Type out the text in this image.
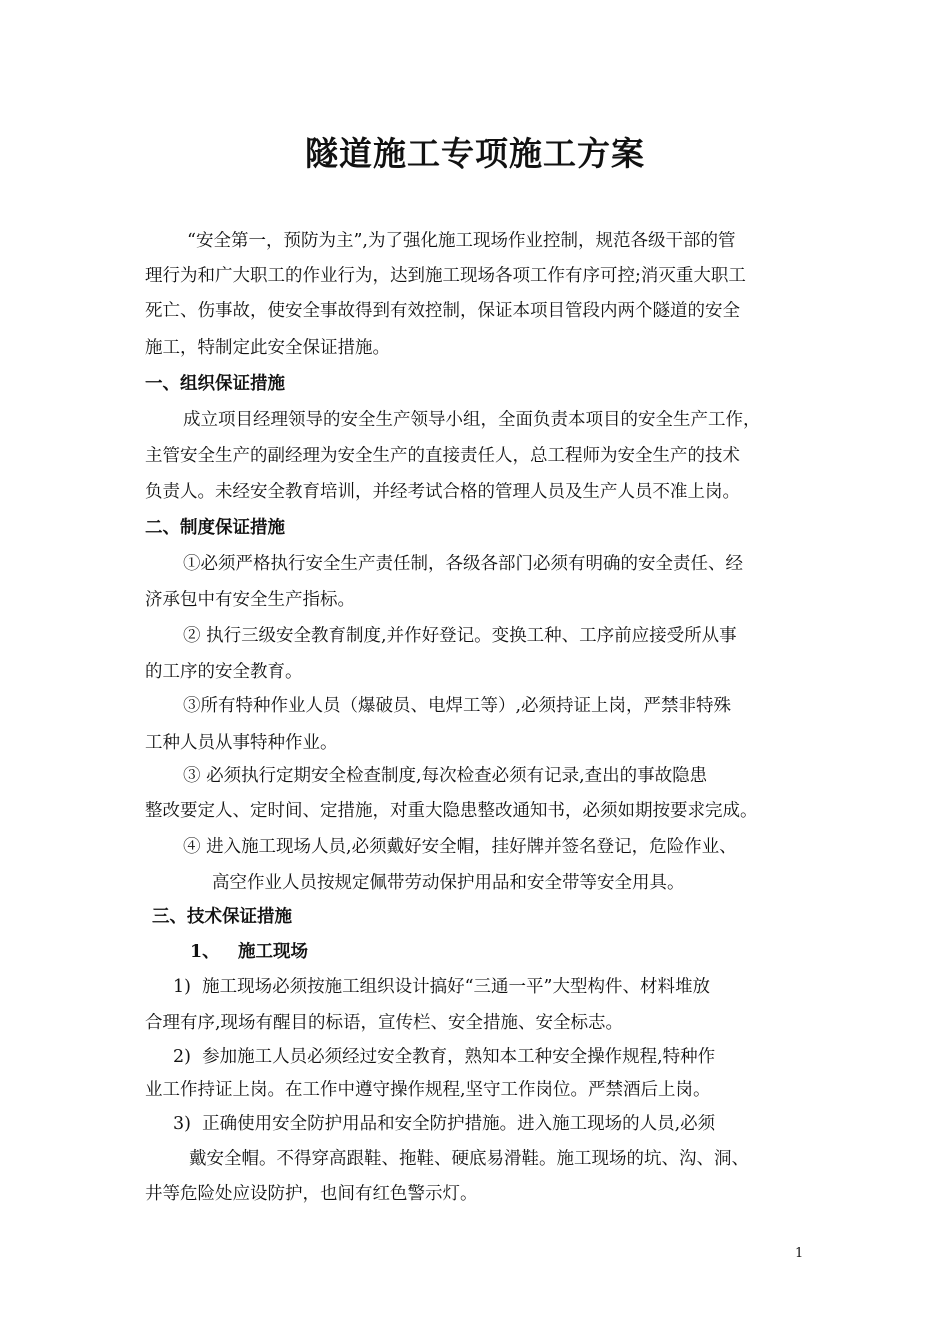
隧道施工专项施工方案

“安全第一，预防为主”,为了强化施工现场作业控制，规范各级干部的管

理行为和广大职工的作业行为，达到施工现场各项工作有序可控;消灭重大职工

死亡、伤事故，使安全事故得到有效控制，保证本项目管段内两个隧道的安全

施工，特制定此安全保证措施。

一、组织保证措施

成立项目经理领导的安全生产领导小组，全面负责本项目的安全生产工作，

主管安全生产的副经理为安全生产的直接责任人，总工程师为安全生产的技术

负责人。未经安全教育培训，并经考试合格的管理人员及生产人员不准上岗。

二、制度保证措施

①必须严格执行安全生产责任制，各级各部门必须有明确的安全责任、经

济承包中有安全生产指标。

② 执行三级安全教育制度,并作好登记。变换工种、工序前应接受所从事

的工序的安全教育。

③所有特种作业人员（爆破员、电焊工等）,必须持证上岗，严禁非特殊

工种人员从事特种作业。

③ 必须执行定期安全检查制度,每次检查必须有记录,查出的事故隐患

整改要定人、定时间、定措施，对重大隐患整改通知书，必须如期按要求完成。

④ 进入施工现场人员,必须戴好安全帽，挂好牌并签名登记，危险作业、

高空作业人员按规定佩带劳动保护用品和安全带等安全用具。

三、技术保证措施

1、   施工现场

1)  施工现场必须按施工组织设计搞好“三通一平”大型构件、材料堆放

合理有序,现场有醒目的标语，宣传栏、安全措施、安全标志。

2)  参加施工人员必须经过安全教育，熟知本工种安全操作规程,特种作

业工作持证上岗。在工作中遵守操作规程,坚守工作岗位。严禁酒后上岗。

3)  正确使用安全防护用品和安全防护措施。进入施工现场的人员,必须

戴安全帽。不得穿高跟鞋、拖鞋、硬底易滑鞋。施工现场的坑、沟、洞、

井等危险处应设防护，也间有红色警示灯。

1
